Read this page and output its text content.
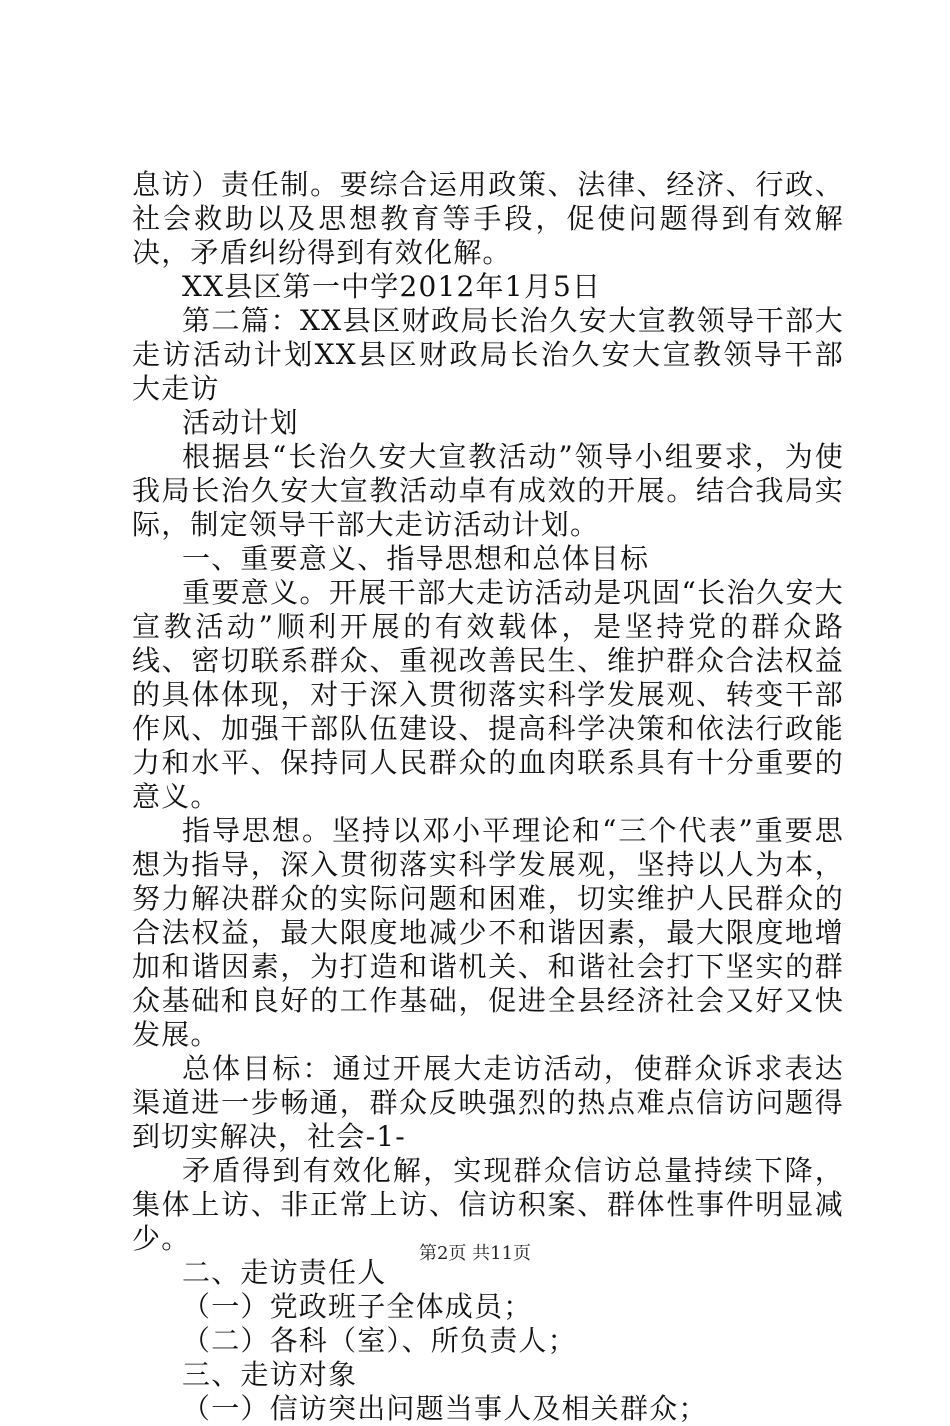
息访）责任制。要综合运用政策、法律、经济、行政、社会救助以及思想教育等手段，促使问题得到有效解决，矛盾纠纷得到有效化解。

XX县区第一中学2012年1月5日

第二篇：XX县区财政局长治久安大宣教领导干部大走访活动计划XX县区财政局长治久安大宣教领导干部大走访

活动计划

根据县“长治久安大宣教活动”领导小组要求，为使我局长治久安大宣教活动卓有成效的开展。结合我局实际，制定领导干部大走访活动计划。

一、重要意义、指导思想和总体目标

重要意义。开展干部大走访活动是巩固“长治久安大宣教活动”顺利开展的有效载体，是坚持党的群众路线、密切联系群众、重视改善民生、维护群众合法权益的具体体现，对于深入贯彻落实科学发展观、转变干部作风、加强干部队伍建设、提高科学决策和依法行政能力和水平、保持同人民群众的血肉联系具有十分重要的意义。

指导思想。坚持以邓小平理论和“三个代表”重要思想为指导，深入贯彻落实科学发展观，坚持以人为本，努力解决群众的实际问题和困难，切实维护人民群众的合法权益，最大限度地减少不和谐因素，最大限度地增加和谐因素，为打造和谐机关、和谐社会打下坚实的群众基础和良好的工作基础，促进全县经济社会又好又快发展。

总体目标：通过开展大走访活动，使群众诉求表达渠道进一步畅通，群众反映强烈的热点难点信访问题得到切实解决，社会-1-

矛盾得到有效化解，实现群众信访总量持续下降，集体上访、非正常上访、信访积案、群体性事件明显减少。

二、走访责任人

（一）党政班子全体成员；

（二）各科（室）、所负责人；

三、走访对象

（一）信访突出问题当事人及相关群众；

第2页 共11页
